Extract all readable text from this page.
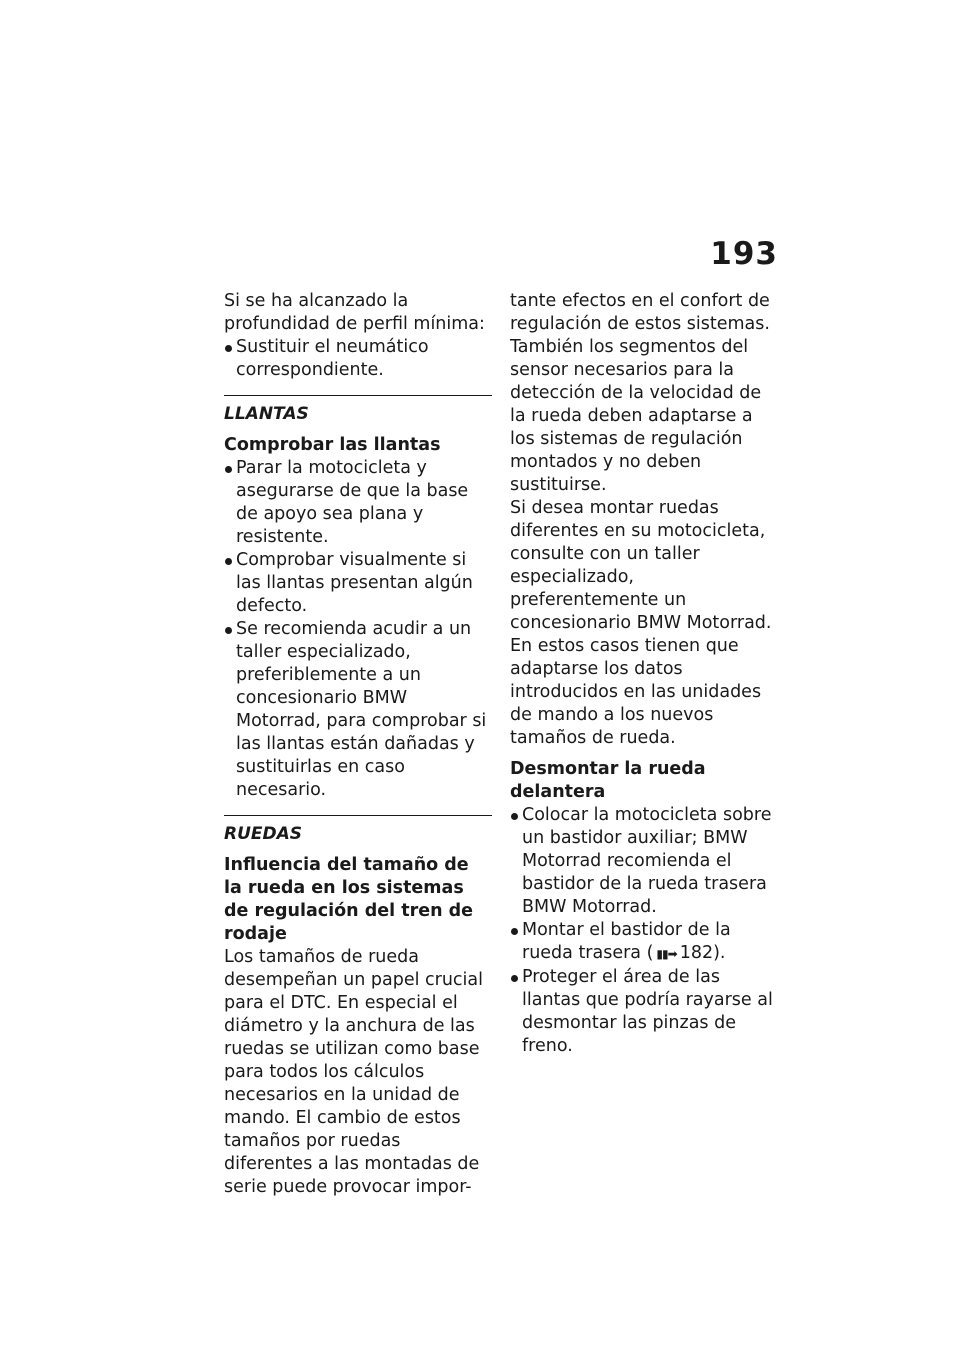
193

Si se ha alcanzado la profundidad de perfil mínima:

Sustituir el neumático correspondiente.
LLANTAS
Comprobar las llantas
Parar la motocicleta y asegurarse de que la base de apoyo sea plana y resistente.
Comprobar visualmente si las llantas presentan algún defecto.
Se recomienda acudir a un taller especializado, preferiblemente a un concesionario BMW Motorrad, para comprobar si las llantas están dañadas y sustituirlas en caso necesario.
RUEDAS
Influencia del tamaño de la rueda en los sistemas de regulación del tren de rodaje

Los tamaños de rueda desempeñan un papel crucial para el DTC. En especial el diámetro y la anchura de las ruedas se utilizan como base para todos los cálculos necesarios en la unidad de mando. El cambio de estos tamaños por ruedas diferentes a las montadas de serie puede provocar impor-

tante efectos en el confort de regulación de estos sistemas.

También los segmentos del sensor necesarios para la detección de la velocidad de la rueda deben adaptarse a los sistemas de regulación montados y no deben sustituirse.

Si desea montar ruedas diferentes en su motocicleta, consulte con un taller especializado, preferentemente un concesionario BMW Motorrad. En estos casos tienen que adaptarse los datos introducidos en las unidades de mando a los nuevos tamaños de rueda.

Desmontar la rueda delantera
Colocar la motocicleta sobre un bastidor auxiliar; BMW Motorrad recomienda el bastidor de la rueda trasera BMW Motorrad.
Montar el bastidor de la rueda trasera ( ▮▮➡ 182).
Proteger el área de las llantas que podría rayarse al desmontar las pinzas de freno.
